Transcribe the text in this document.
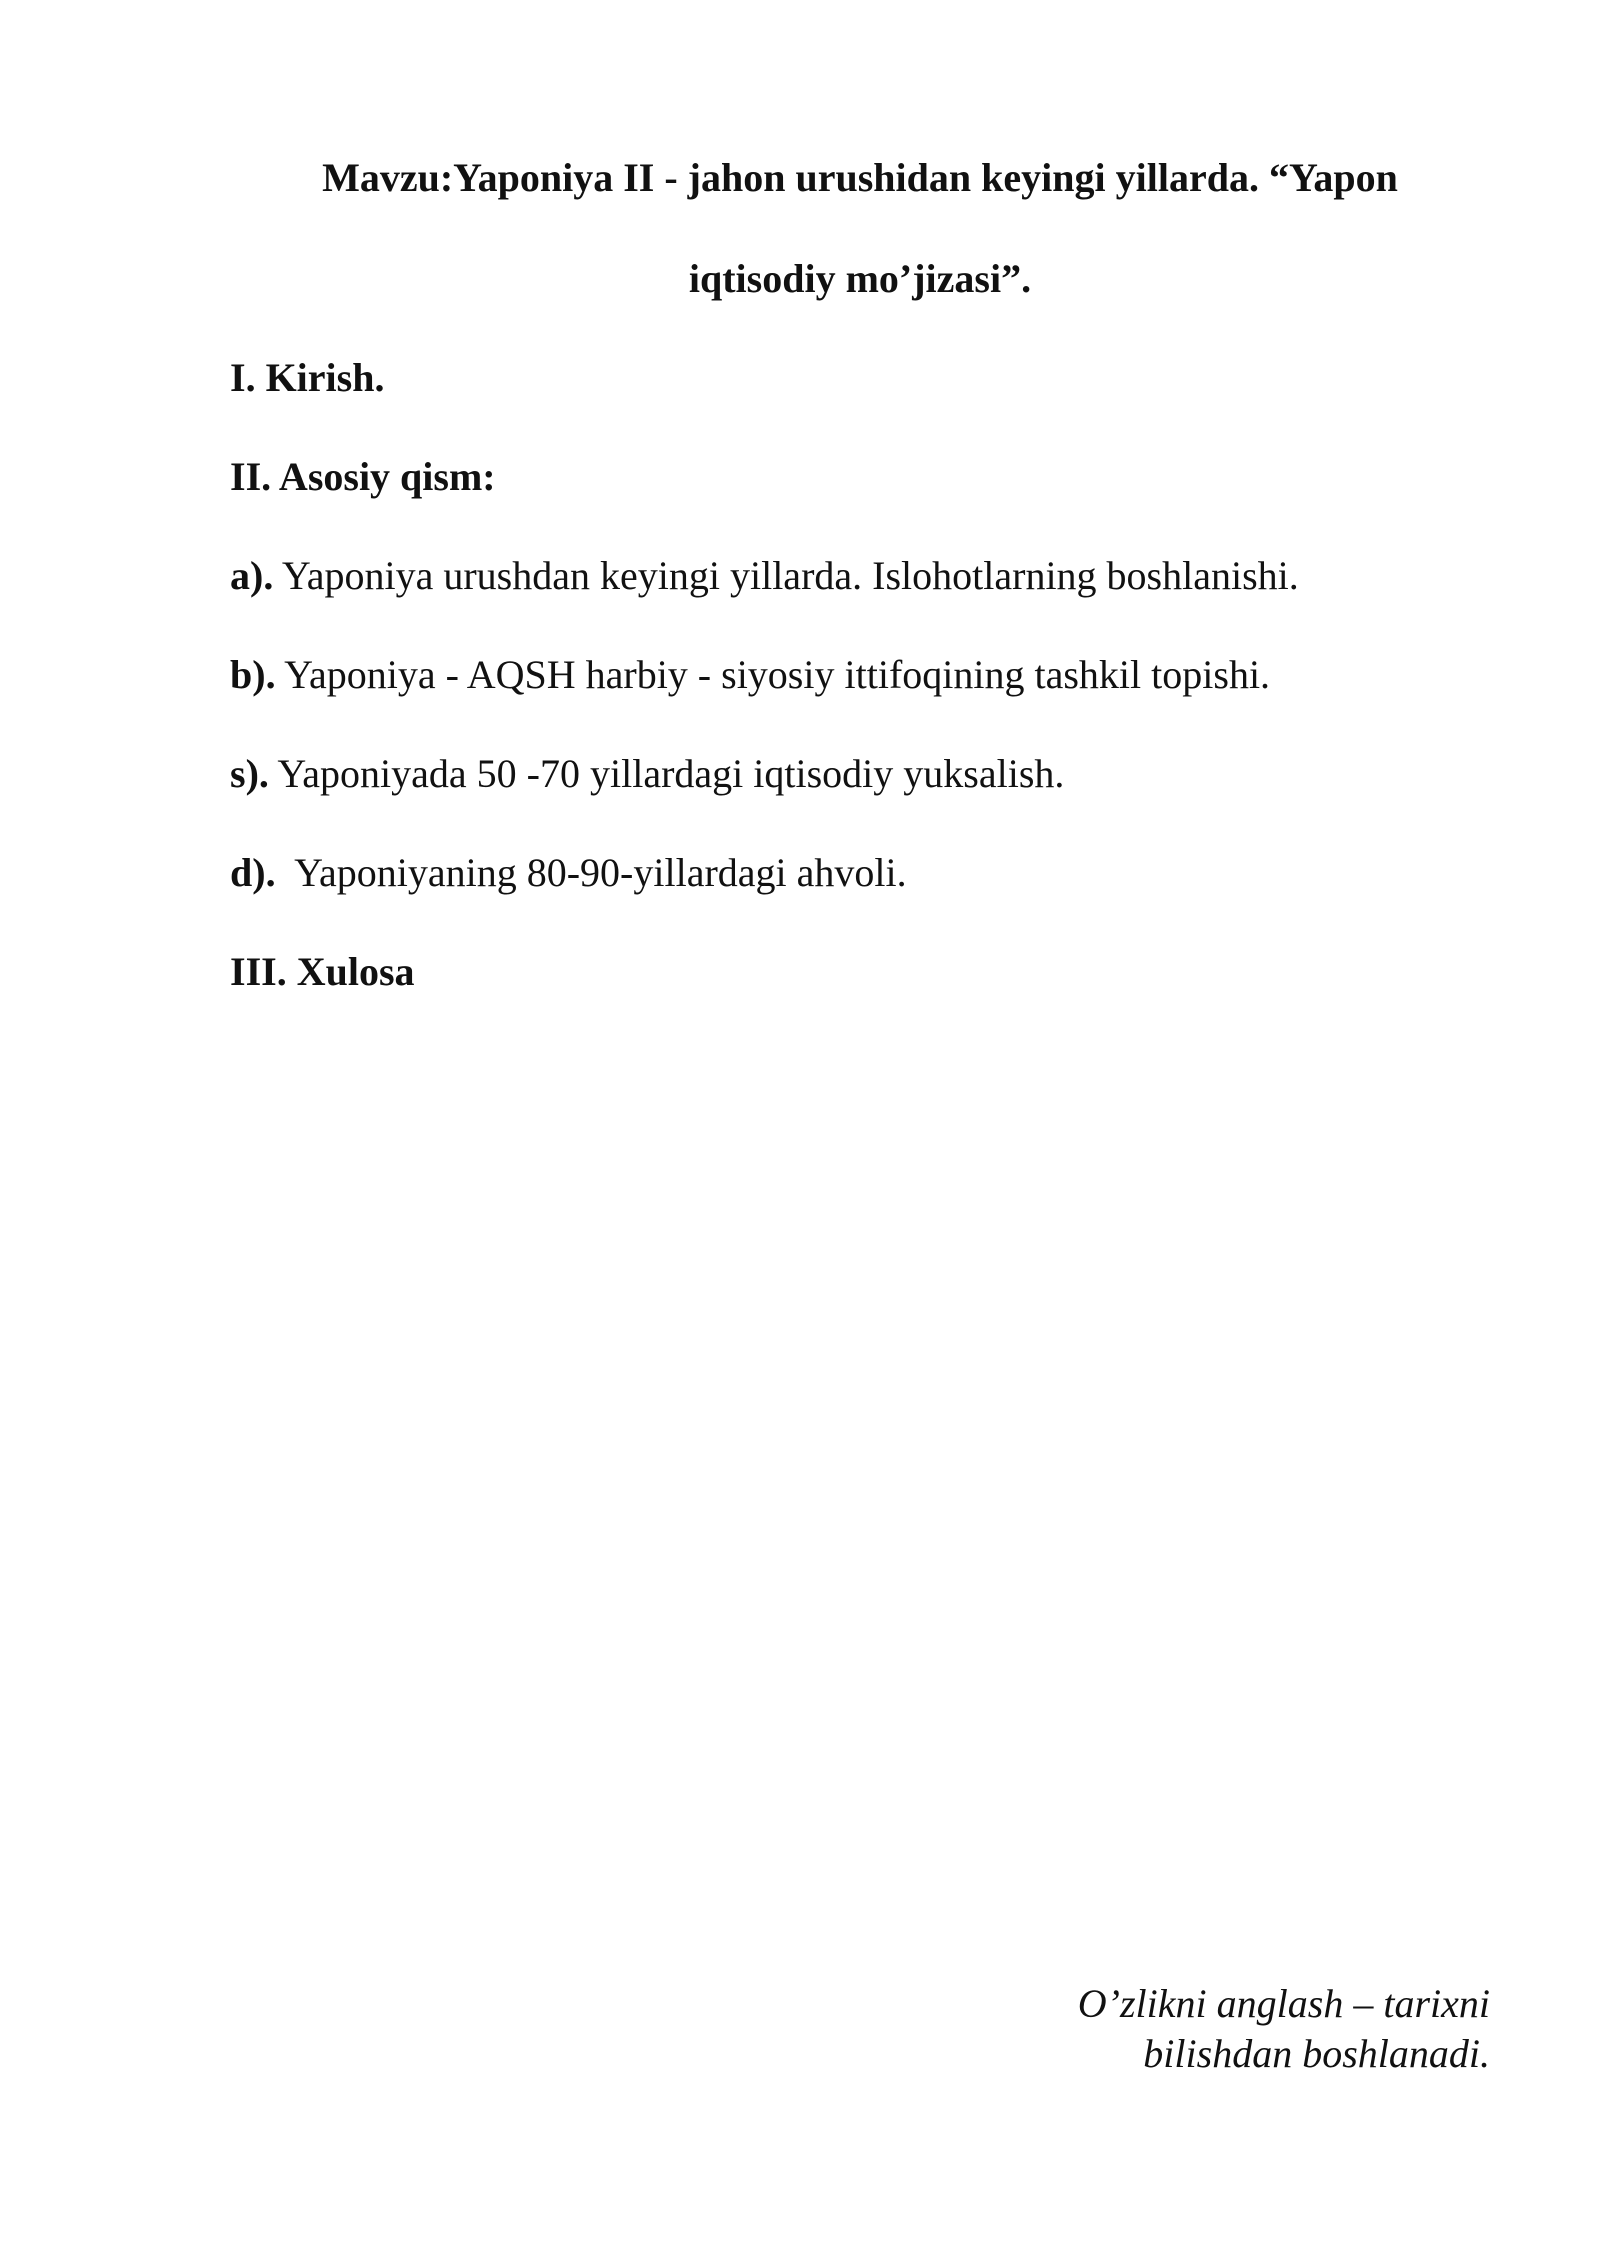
Mavzu:Yaponiya II - jahon urushidan keyingi yillarda. “Yapon
iqtisodiy mo’jizasi”.
I. Kirish.
II. Asosiy qism:
a). Yaponiya urushdan keyingi yillarda. Islohotlarning boshlanishi.
b). Yaponiya - AQSH harbiy - siyosiy ittifoqining tashkil topishi.
s). Yaponiyada 50 -70 yillardagi iqtisodiy yuksalish.
d).  Yaponiyaning 80-90-yillardagi ahvoli.
III. Xulosa
O’zlikni anglash – tarixni
bilishdan boshlanadi.
